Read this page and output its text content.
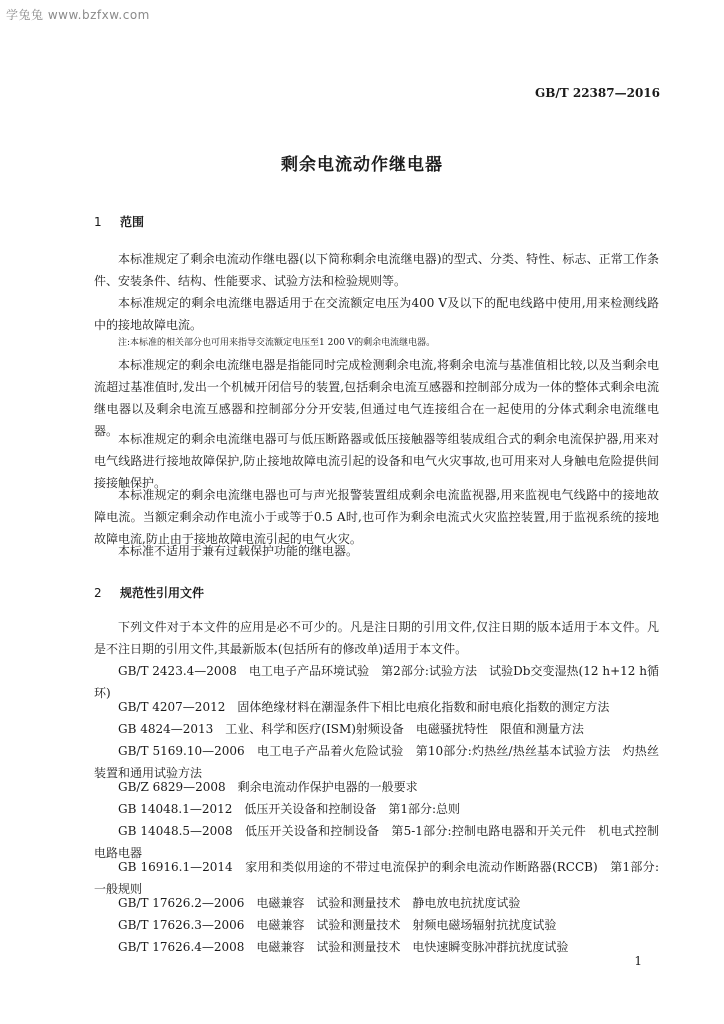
学兔兔 www.bzfxw.com
GB/T 22387—2016
剩余电流动作继电器
1 范围
本标准规定了剩余电流动作继电器(以下简称剩余电流继电器)的型式、分类、特性、标志、正常工作条件、安装条件、结构、性能要求、试验方法和检验规则等。
本标准规定的剩余电流继电器适用于在交流额定电压为400 V及以下的配电线路中使用,用来检测线路中的接地故障电流。
注:本标准的相关部分也可用来指导交流额定电压至1 200 V的剩余电流继电器。
本标准规定的剩余电流继电器是指能同时完成检测剩余电流,将剩余电流与基准值相比较,以及当剩余电流超过基准值时,发出一个机械开闭信号的装置,包括剩余电流互感器和控制部分成为一体的整体式剩余电流继电器以及剩余电流互感器和控制部分分开安装,但通过电气连接组合在一起使用的分体式剩余电流继电器。
本标准规定的剩余电流继电器可与低压断路器或低压接触器等组装成组合式的剩余电流保护器,用来对电气线路进行接地故障保护,防止接地故障电流引起的设备和电气火灾事故,也可用来对人身触电危险提供间接接触保护。
本标准规定的剩余电流继电器也可与声光报警装置组成剩余电流监视器,用来监视电气线路中的接地故障电流。当额定剩余动作电流小于或等于0.5 A时,也可作为剩余电流式火灾监控装置,用于监视系统的接地故障电流,防止由于接地故障电流引起的电气火灾。
本标准不适用于兼有过载保护功能的继电器。
2 规范性引用文件
下列文件对于本文件的应用是必不可少的。凡是注日期的引用文件,仅注日期的版本适用于本文件。凡是不注日期的引用文件,其最新版本(包括所有的修改单)适用于本文件。
GB/T 2423.4—2008　电工电子产品环境试验　第2部分:试验方法　试验Db交变湿热(12 h+12 h循环)
GB/T 4207—2012　固体绝缘材料在潮湿条件下相比电痕化指数和耐电痕化指数的测定方法
GB 4824—2013　工业、科学和医疗(ISM)射频设备　电磁骚扰特性　限值和测量方法
GB/T 5169.10—2006　电工电子产品着火危险试验　第10部分:灼热丝/热丝基本试验方法　灼热丝装置和通用试验方法
GB/Z 6829—2008　剩余电流动作保护电器的一般要求
GB 14048.1—2012　低压开关设备和控制设备　第1部分:总则
GB 14048.5—2008　低压开关设备和控制设备　第5-1部分:控制电路电器和开关元件　机电式控制电路电器
GB 16916.1—2014　家用和类似用途的不带过电流保护的剩余电流动作断路器(RCCB)　第1部分:一般规则
GB/T 17626.2—2006　电磁兼容　试验和测量技术　静电放电抗扰度试验
GB/T 17626.3—2006　电磁兼容　试验和测量技术　射频电磁场辐射抗扰度试验
GB/T 17626.4—2008　电磁兼容　试验和测量技术　电快速瞬变脉冲群抗扰度试验
1
